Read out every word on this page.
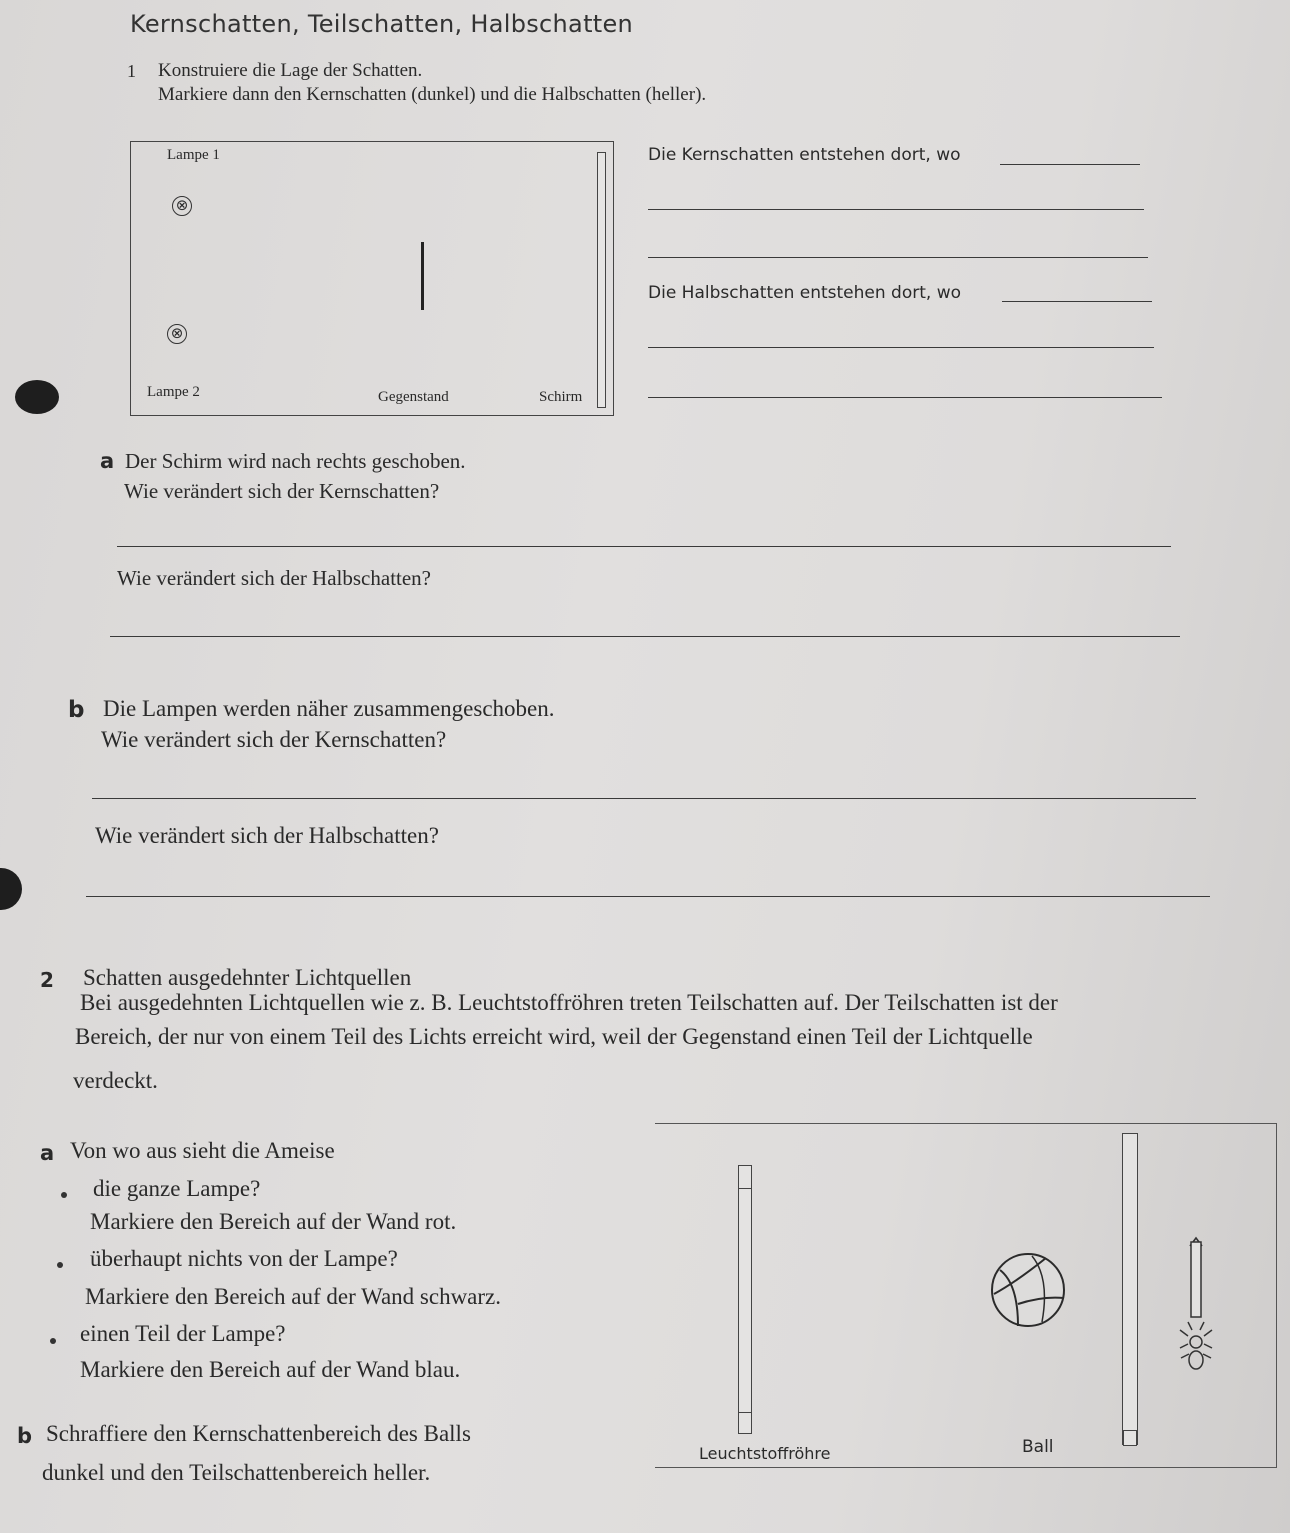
Kernschatten, Teilschatten, Halbschatten
1 Konstruiere die Lage der Schatten.
Markiere dann den Kernschatten (dunkel) und die Halbschatten (heller).
Lampe 1
⊗
⊗
Lampe 2	Gegenstand	Schirm
Die Kernschatten entstehen dort, wo
Die Halbschatten entstehen dort, wo
a Der Schirm wird nach rechts geschoben.
Wie verändert sich der Kernschatten?
Wie verändert sich der Halbschatten?
b Die Lampen werden näher zusammengeschoben.
Wie verändert sich der Kernschatten?
Wie verändert sich der Halbschatten?
2 Schatten ausgedehnter Lichtquellen
Bei ausgedehnten Lichtquellen wie z. B. Leuchtstoffröhren treten Teilschatten auf. Der Teilschatten ist der
Bereich, der nur von einem Teil des Lichts erreicht wird, weil der Gegenstand einen Teil der Lichtquelle
verdeckt.
a Von wo aus sieht die Ameise
die ganze Lampe?
Markiere den Bereich auf der Wand rot.
überhaupt nichts von der Lampe?
Markiere den Bereich auf der Wand schwarz.
einen Teil der Lampe?
Markiere den Bereich auf der Wand blau.
b Schraffiere den Kernschattenbereich des Balls
dunkel und den Teilschattenbereich heller.
Leuchtstoffröhre	Ball
